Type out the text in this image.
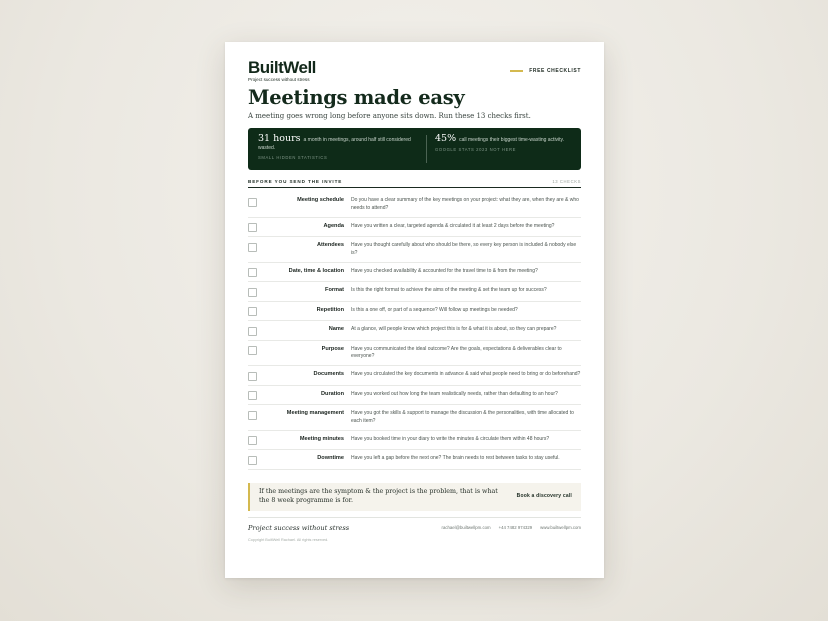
BuiltWell
Project success without stress
FREE CHECKLIST
Meetings made easy
A meeting goes wrong long before anyone sits down. Run these 13 checks first.
31 hours a month in meetings, around half still considered wasted.
SMALL HIDDEN STATISTICS
45% call meetings their biggest time-wasting activity.
GOOGLE STATS 2023 NOT HERE
BEFORE YOU SEND THE INVITE	13 CHECKS
Meeting schedule Do you have a clear summary of the key meetings on your project: what they are, when they are & who needs to attend?
Agenda Have you written a clear, targeted agenda & circulated it at least 2 days before the meeting?
Attendees Have you thought carefully about who should be there, so every key person is included & nobody else is?
Date, time & location Have you checked availability & accounted for the travel time to & from the meeting?
Format Is this the right format to achieve the aims of the meeting & set the team up for success?
Repetition Is this a one off, or part of a sequence? Will follow up meetings be needed?
Name At a glance, will people know which project this is for & what it is about, so they can prepare?
Purpose Have you communicated the ideal outcome? Are the goals, expectations & deliverables clear to everyone?
Documents Have you circulated the key documents in advance & said what people need to bring or do beforehand?
Duration Have you worked out how long the team realistically needs, rather than defaulting to an hour?
Meeting management Have you got the skills & support to manage the discussion & the personalities, with time allocated to each item?
Meeting minutes Have you booked time in your diary to write the minutes & circulate them within 48 hours?
Downtime Have you left a gap before the next one? The brain needs to rest between tasks to stay useful.
If the meetings are the symptom & the project is the problem, that is what the 8 week programme is for.
Book a discovery call
Project success without stress	rachael@builtwellpm.com +44 7482 974329 www.builtwellpm.com
Copyright BuiltWell Rachael. All rights reserved.
